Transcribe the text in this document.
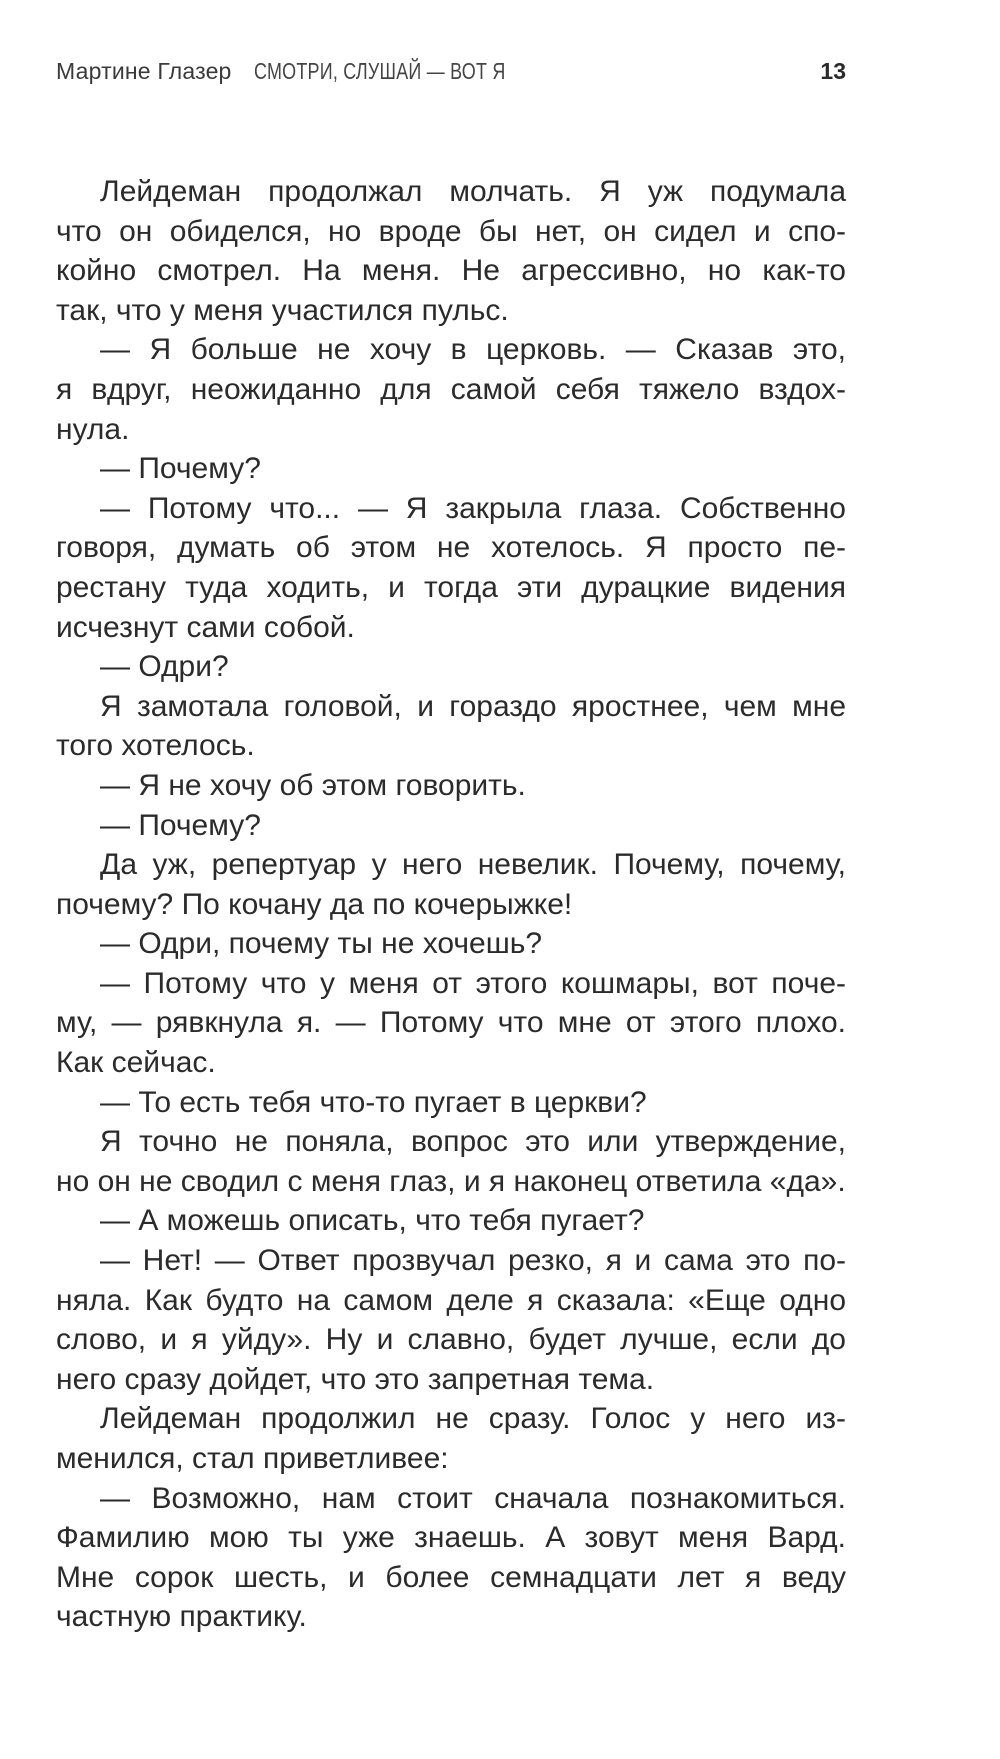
Мартине Глазер СМОТРИ, СЛУШАЙ — ВОТ Я	13
Лейдеман продолжал молчать. Я уж подумала
что он обиделся, но вроде бы нет, он сидел и спо-
койно смотрел. На меня. Не агрессивно, но как-то
так, что у меня участился пульс.
— Я больше не хочу в церковь. — Сказав это,
я вдруг, неожиданно для самой себя тяжело вздох-
нула.
— Почему?
— Потому что... — Я закрыла глаза. Собственно
говоря, думать об этом не хотелось. Я просто пе-
рестану туда ходить, и тогда эти дурацкие видения
исчезнут сами собой.
— Одри?
Я замотала головой, и гораздо яростнее, чем мне
того хотелось.
— Я не хочу об этом говорить.
— Почему?
Да уж, репертуар у него невелик. Почему, почему,
почему? По кочану да по кочерыжке!
— Одри, почему ты не хочешь?
— Потому что у меня от этого кошмары, вот поче-
му, — рявкнула я. — Потому что мне от этого плохо.
Как сейчас.
— То есть тебя что-то пугает в церкви?
Я точно не поняла, вопрос это или утверждение,
но он не сводил с меня глаз, и я наконец ответила «да».
— А можешь описать, что тебя пугает?
— Нет! — Ответ прозвучал резко, я и сама это по-
няла. Как будто на самом деле я сказала: «Еще одно
слово, и я уйду». Ну и славно, будет лучше, если до
него сразу дойдет, что это запретная тема.
Лейдеман продолжил не сразу. Голос у него из-
менился, стал приветливее:
— Возможно, нам стоит сначала познакомиться.
Фамилию мою ты уже знаешь. А зовут меня Вард.
Мне сорок шесть, и более семнадцати лет я веду
частную практику.
